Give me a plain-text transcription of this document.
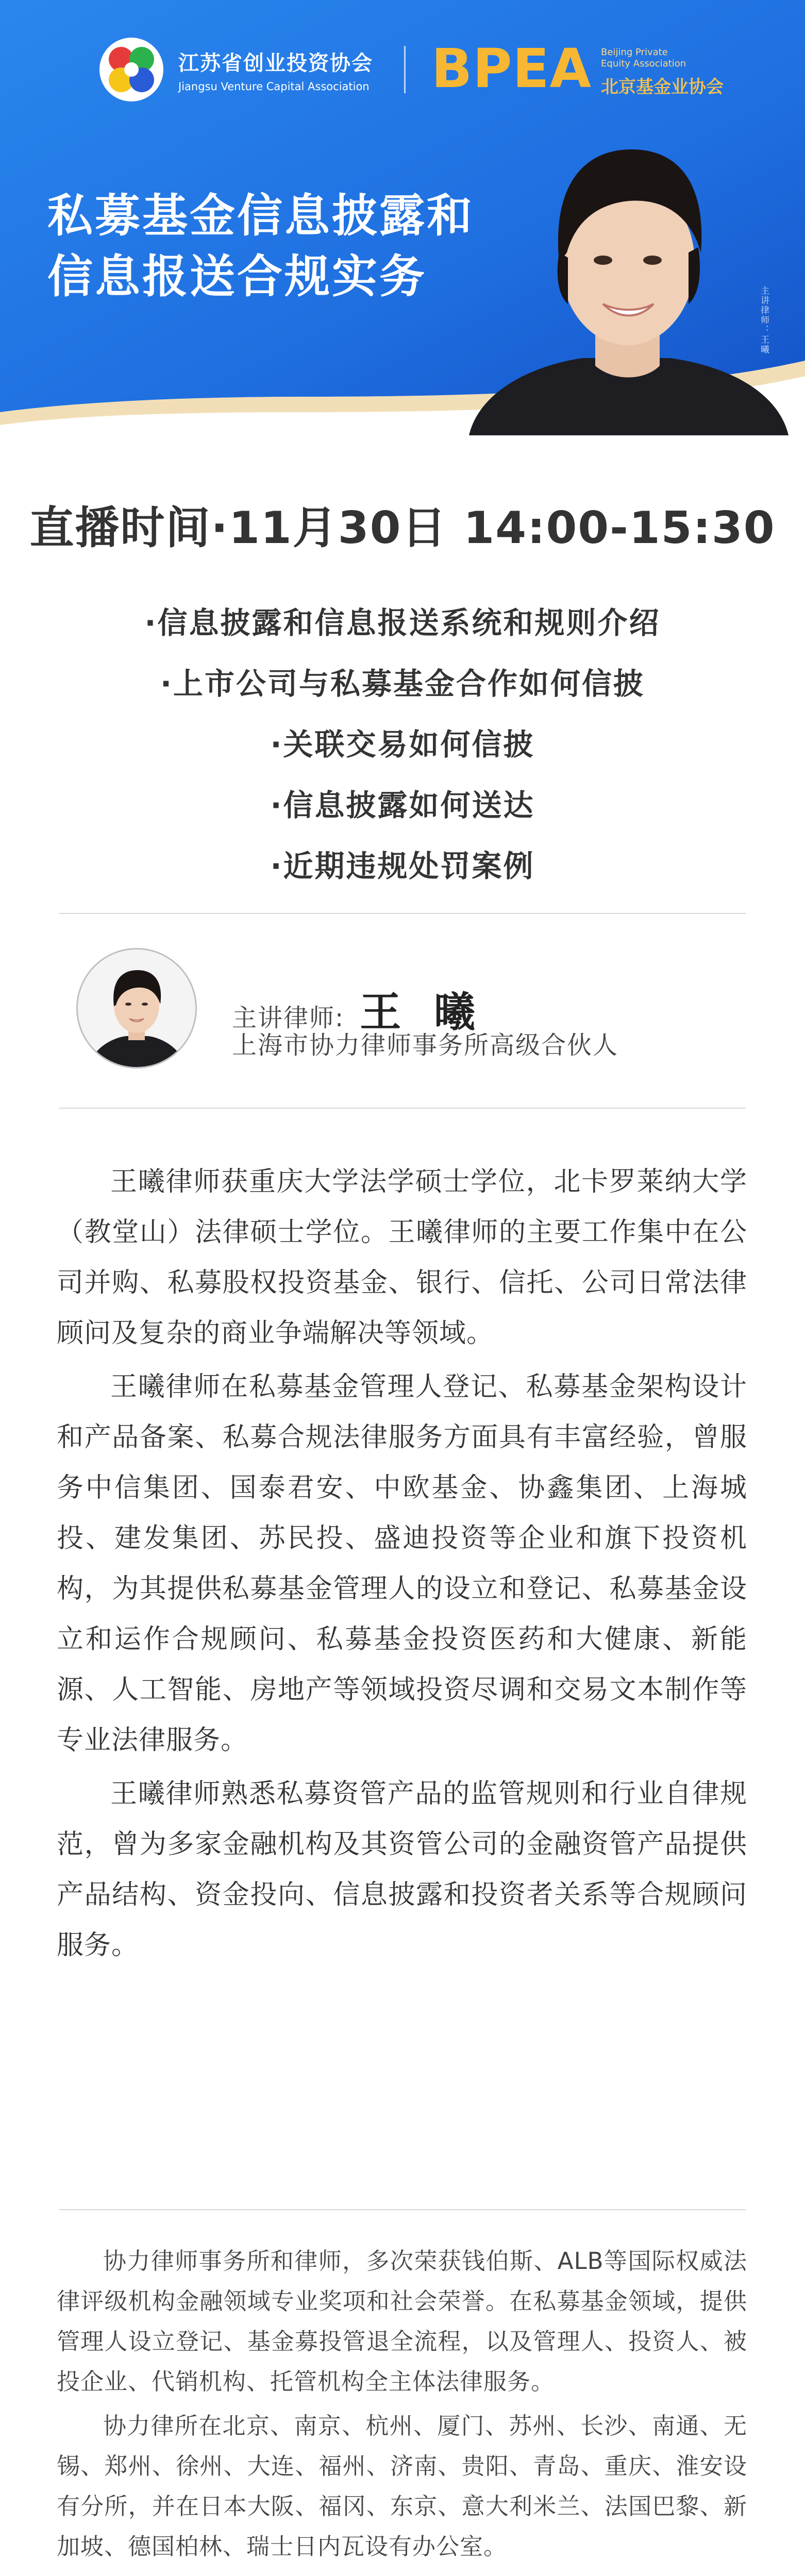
江苏省创业投资协会
Jiangsu Venture Capital Association BPEA Beijing Private
Equity Association
北京基金业协会
私募基金信息披露和
信息报送合规实务
主讲律师：王曦
直播时间·11月30日 14:00-15:30
·信息披露和信息报送系统和规则介绍
·上市公司与私募基金合作如何信披
·关联交易如何信披
·信息披露如何送达
·近期违规处罚案例
主讲律师: 王 曦
上海市协力律师事务所高级合伙人

王曦律师获重庆大学法学硕士学位，北卡罗莱纳大学（教堂山）法律硕士学位。王曦律师的主要工作集中在公司并购、私募股权投资基金、银行、信托、公司日常法律顾问及复杂的商业争端解决等领域。

王曦律师在私募基金管理人登记、私募基金架构设计和产品备案、私募合规法律服务方面具有丰富经验，曾服务中信集团、国泰君安、中欧基金、协鑫集团、上海城投、建发集团、苏民投、盛迪投资等企业和旗下投资机构，为其提供私募基金管理人的设立和登记、私募基金设立和运作合规顾问、私募基金投资医药和大健康、新能源、人工智能、房地产等领域投资尽调和交易文本制作等专业法律服务。

王曦律师熟悉私募资管产品的监管规则和行业自律规范，曾为多家金融机构及其资管公司的金融资管产品提供产品结构、资金投向、信息披露和投资者关系等合规顾问服务。

协力律师事务所和律师，多次荣获钱伯斯、ALB等国际权威法律评级机构金融领域专业奖项和社会荣誉。在私募基金领域，提供管理人设立登记、基金募投管退全流程，以及管理人、投资人、被投企业、代销机构、托管机构全主体法律服务。

协力律所在北京、南京、杭州、厦门、苏州、长沙、南通、无锡、郑州、徐州、大连、福州、济南、贵阳、青岛、重庆、淮安设有分所，并在日本大阪、福冈、东京、意大利米兰、法国巴黎、新加坡、德国柏林、瑞士日内瓦设有办公室。
